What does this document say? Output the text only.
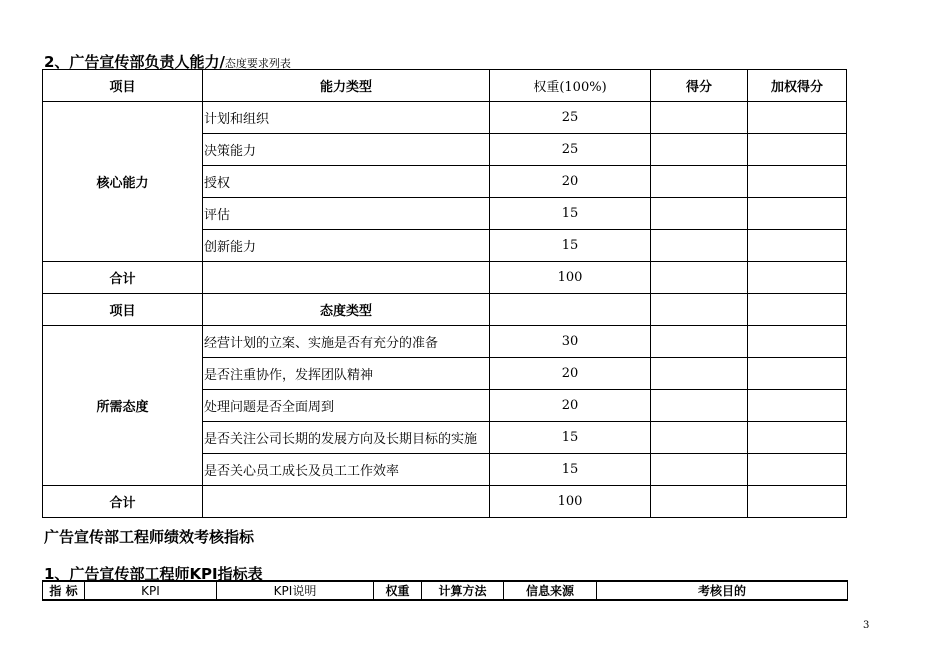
2、广告宣传部负责人能力/态度要求列表
项目	能力类型	权重(100%)	得分	加权得分
核心能力	计划和组织	25		
	决策能力	25		
	授权	20		
	评估	15		
	创新能力	15		
合计		100		
项目	态度类型			
所需态度	经营计划的立案、实施是否有充分的准备	30		
	是否注重协作，发挥团队精神	20		
	处理问题是否全面周到	20		
	是否关注公司长期的发展方向及长期目标的实施	15		
	是否关心员工成长及员工工作效率	15		
合计		100		
广告宣传部工程师绩效考核指标
1、广告宣传部工程师KPI指标表
指 标	KPI	KPI说明	权重	计算方法	信息来源	考核目的
3
